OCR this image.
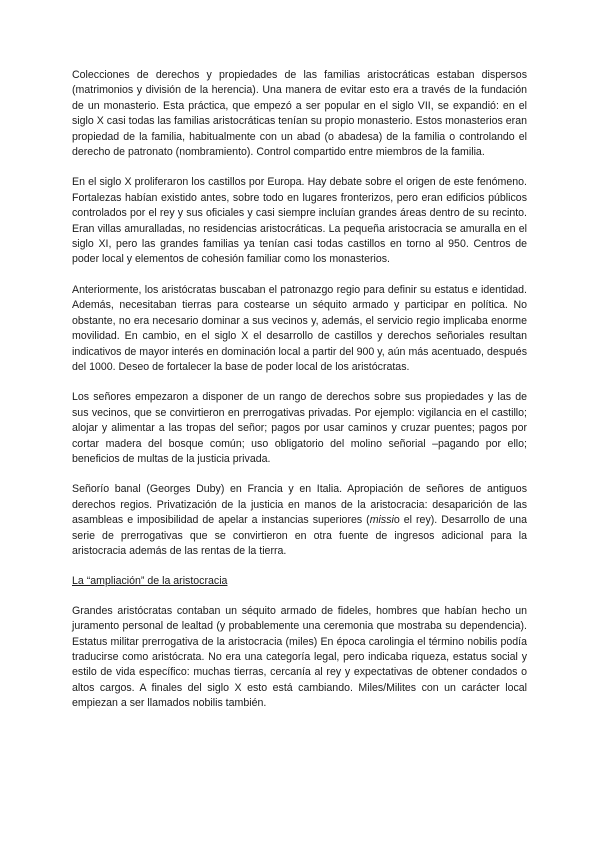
Colecciones de derechos y propiedades de las familias aristocráticas estaban dispersos (matrimonios y división de la herencia). Una manera de evitar esto era a través de la fundación de un monasterio. Esta práctica, que empezó a ser popular en el siglo VII, se expandió: en el siglo X casi todas las familias aristocráticas tenían su propio monasterio. Estos monasterios eran propiedad de la familia, habitualmente con un abad (o abadesa) de la familia o controlando el derecho de patronato (nombramiento). Control compartido entre miembros de la familia.

En el siglo X proliferaron los castillos por Europa. Hay debate sobre el origen de este fenómeno. Fortalezas habían existido antes, sobre todo en lugares fronterizos, pero eran edificios públicos controlados por el rey y sus oficiales y casi siempre incluían grandes áreas dentro de su recinto. Eran villas amuralladas, no residencias aristocráticas. La pequeña aristocracia se amuralla en el siglo XI, pero las grandes familias ya tenían casi todas castillos en torno al 950. Centros de poder local y elementos de cohesión familiar como los monasterios.

Anteriormente, los aristócratas buscaban el patronazgo regio para definir su estatus e identidad. Además, necesitaban tierras para costearse un séquito armado y participar en política. No obstante, no era necesario dominar a sus vecinos y, además, el servicio regio implicaba enorme movilidad. En cambio, en el siglo X el desarrollo de castillos y derechos señoriales resultan indicativos de mayor interés en dominación local a partir del 900 y, aún más acentuado, después del 1000. Deseo de fortalecer la base de poder local de los aristócratas.

Los señores empezaron a disponer de un rango de derechos sobre sus propiedades y las de sus vecinos, que se convirtieron en prerrogativas privadas. Por ejemplo: vigilancia en el castillo; alojar y alimentar a las tropas del señor; pagos por usar caminos y cruzar puentes; pagos por cortar madera del bosque común; uso obligatorio del molino señorial –pagando por ello; beneficios de multas de la justicia privada.

Señorío banal (Georges Duby) en Francia y en Italia. Apropiación de señores de antiguos derechos regios. Privatización de la justicia en manos de la aristocracia: desaparición de las asambleas e imposibilidad de apelar a instancias superiores (missio el rey). Desarrollo de una serie de prerrogativas que se convirtieron en otra fuente de ingresos adicional para la aristocracia además de las rentas de la tierra.

La “ampliación” de la aristocracia

Grandes aristócratas contaban un séquito armado de fideles, hombres que habían hecho un juramento personal de lealtad (y probablemente una ceremonia que mostraba su dependencia). Estatus militar prerrogativa de la aristocracia (miles) En época carolingia el término nobilis podía traducirse como aristócrata. No era una categoría legal, pero indicaba riqueza, estatus social y estilo de vida específico: muchas tierras, cercanía al rey y expectativas de obtener condados o altos cargos. A finales del siglo X esto está cambiando. Miles/Milites con un carácter local empiezan a ser llamados nobilis también.
